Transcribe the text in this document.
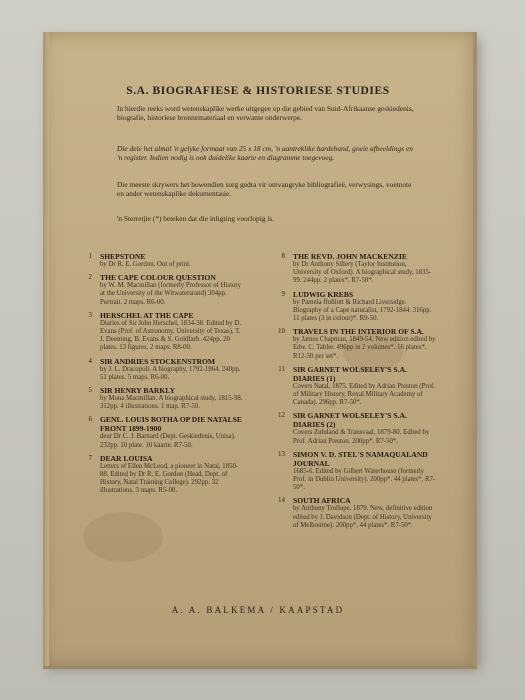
S.A. BIOGRAFIESE & HISTORIESE STUDIES
In hierdie reeks word wetenskaplike werke uitgegee op die gebied van Suid-Afrikaanse geskiedenis, biografie, historiese bronnemateriaal en verwante onderwerpe.
Die dele het almal 'n gelyke formaat van 25 x 18 cm, 'n aantreklike hardeband, goeie afbeeldings en 'n register. Indien nodig is ook duidelike kaarte en diagramme toegevoeg.
Die meeste skrywers het bowendien sorg gedra vir omvangryke bibliografieë, verwysings, voetnote en ander wetenskaplike dokumentasie.
'n Sterretjie (*) beteken dat die inligting voorlopig is.
1 SHEPSTONE
by Dr R. E. Gordon. Out of print.
2 THE CAPE COLOUR QUESTION
by W. M. Macmillan (formerly Professor of History at the University of the Witwatersrand) 304pp. Portrait. 2 maps. R6-00.
3 HERSCHEL AT THE CAPE
Diaries of Sir John Herschel, 1834-38. Edited by D. Evans (Prof. of Astronomy, University of Texas), T. J. Deeming, B. Evans & S. Goldfarb. 424pp. 20 plates. 13 figures. 2 maps. R8-00.
4 SIR ANDRIES STOCKENSTROM
by J. L. Dracopoli. A biography, 1792-1864. 240pp. 51 plates. 5 maps. R6-00.
5 SIR HENRY BARKLY
by Mona Macmillan. A biographical study, 1815-98. 312pp. 4 illustrations. 1 map. R7-50.
6 GENL. LOUIS BOTHA OP DIE NATALSE FRONT 1899-1900
deur Dr C. J. Barnard (Dept. Geskiedenis, Unisa). 232pp. 10 plate. 10 kaarte. R7-50.
7 DEAR LOUISA
Letters of Ellen McLeod, a pioneer in Natal, 1850-88. Edited by Dr R. E. Gordon (Head, Dept. of History, Natal Training College). 292pp. 32 illustrations. 3 maps. R5-00.
8 THE REVD. JOHN MACKENZIE
by Dr Anthony Sillery (Taylor Institution, University of Oxford). A biographical study, 1835-99. 244pp. 2 plates*. R7-50*.
9 LUDWIG KREBS
by Pamela ffolliott & Richard Liversidge. Biography of a Cape naturalist, 1792-1844. 316pp. 11 plates (3 in colour)*. R9-50.
10 TRAVELS IN THE INTERIOR OF S.A.
by James Chapman, 1849-54. New edition edited by Edw. C. Tabler. 496pp in 2 volumes*. 16 plates*. R12-50 per set*.
11 SIR GARNET WOLSELEY'S S.A. DIARIES (1)
Covers Natal, 1875. Edited by Adrian Preston (Prof. of Military History, Royal Military Academy of Canada). 296pp. R7-50*.
12 SIR GARNET WOLSELEY'S S.A. DIARIES (2)
Covers Zululand & Transvaal, 1879-80. Edited by Prof. Adrian Preston. 200pp*. R7-50*.
13 SIMON V. D. STEL'S NAMAQUALAND JOURNAL
1685-6. Edited by Gilbert Waterhouse (formerly Prof. in Dublin University). 200pp*. 44 plates*. R7-50*.
14 SOUTH AFRICA
by Anthony Trollope, 1879. New, definitive edition edited by J. Davidson (Dept. of History, University of Melbourne). 200pp*. 44 plates*. R7-50*.
A. A. BALKEMA / KAAPSTAD
